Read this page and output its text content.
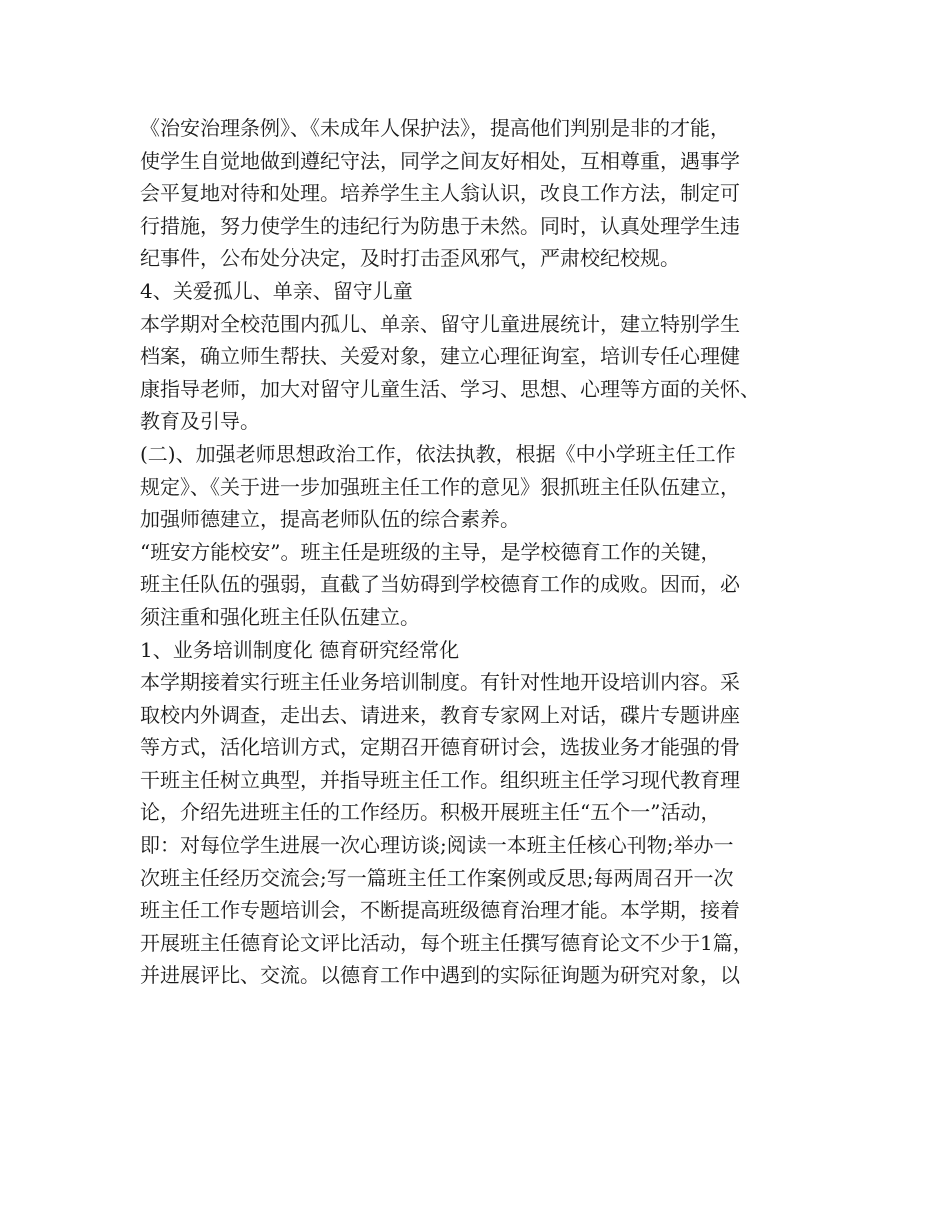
《治安治理条例》、《未成年人保护法》，提高他们判别是非的才能，
使学生自觉地做到遵纪守法，同学之间友好相处，互相尊重，遇事学
会平复地对待和处理。培养学生主人翁认识，改良工作方法，制定可
行措施，努力使学生的违纪行为防患于未然。同时，认真处理学生违
纪事件，公布处分决定，及时打击歪风邪气，严肃校纪校规。
4、关爱孤儿、单亲、留守儿童
本学期对全校范围内孤儿、单亲、留守儿童进展统计，建立特别学生
档案，确立师生帮扶、关爱对象，建立心理征询室，培训专任心理健
康指导老师，加大对留守儿童生活、学习、思想、心理等方面的关怀、
教育及引导。
(二)、加强老师思想政治工作，依法执教，根据《中小学班主任工作
规定》、《关于进一步加强班主任工作的意见》狠抓班主任队伍建立，
加强师德建立，提高老师队伍的综合素养。
“班安方能校安”。班主任是班级的主导，是学校德育工作的关键，
班主任队伍的强弱，直截了当妨碍到学校德育工作的成败。因而，必
须注重和强化班主任队伍建立。
1、业务培训制度化 德育研究经常化
本学期接着实行班主任业务培训制度。有针对性地开设培训内容。采
取校内外调查，走出去、请进来，教育专家网上对话，碟片专题讲座
等方式，活化培训方式，定期召开德育研讨会，选拔业务才能强的骨
干班主任树立典型，并指导班主任工作。组织班主任学习现代教育理
论，介绍先进班主任的工作经历。积极开展班主任“五个一”活动，
即：对每位学生进展一次心理访谈;阅读一本班主任核心刊物;举办一
次班主任经历交流会;写一篇班主任工作案例或反思;每两周召开一次
班主任工作专题培训会，不断提高班级德育治理才能。本学期，接着
开展班主任德育论文评比活动，每个班主任撰写德育论文不少于1篇，
并进展评比、交流。以德育工作中遇到的实际征询题为研究对象，以
